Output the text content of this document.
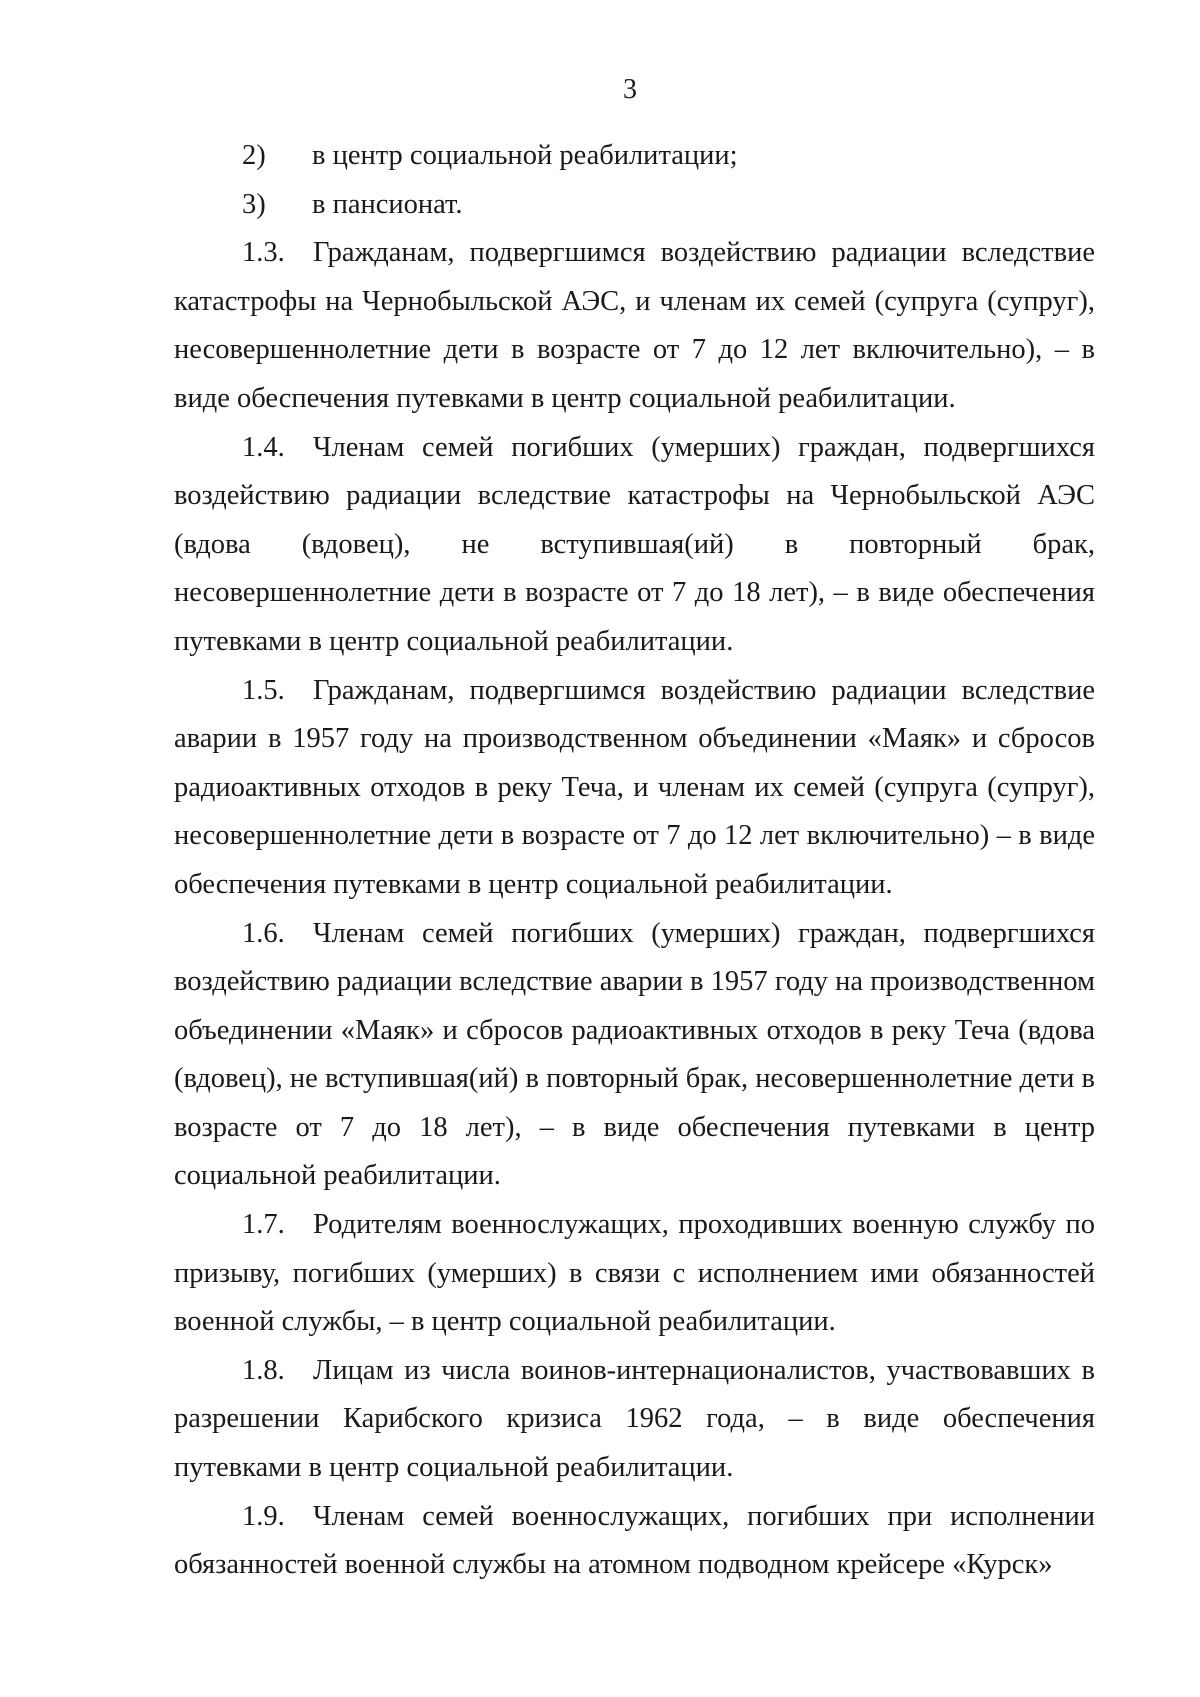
3

2) в центр социальной реабилитации;

3) в пансионат.

1.3. Гражданам, подвергшимся воздействию радиации вследствие катастрофы на Чернобыльской АЭС, и членам их семей (супруга (супруг), несовершеннолетние дети в возрасте от 7 до 12 лет включительно), – в виде обеспечения путевками в центр социальной реабилитации.

1.4. Членам семей погибших (умерших) граждан, подвергшихся воздействию радиации вследствие катастрофы на Чернобыльской АЭС (вдова (вдовец), не вступившая(ий) в повторный брак, несовершеннолетние дети в возрасте от 7 до 18 лет), – в виде обеспечения путевками в центр социальной реабилитации.

1.5. Гражданам, подвергшимся воздействию радиации вследствие аварии в 1957 году на производственном объединении «Маяк» и сбросов радиоактивных отходов в реку Теча, и членам их семей (супруга (супруг), несовершеннолетние дети в возрасте от 7 до 12 лет включительно) – в виде обеспечения путевками в центр социальной реабилитации.

1.6. Членам семей погибших (умерших) граждан, подвергшихся воздействию радиации вследствие аварии в 1957 году на производственном объединении «Маяк» и сбросов радиоактивных отходов в реку Теча (вдова (вдовец), не вступившая(ий) в повторный брак, несовершеннолетние дети в возрасте от 7 до 18 лет), – в виде обеспечения путевками в центр социальной реабилитации.

1.7. Родителям военнослужащих, проходивших военную службу по призыву, погибших (умерших) в связи с исполнением ими обязанностей военной службы, – в центр социальной реабилитации.

1.8. Лицам из числа воинов-интернационалистов, участвовавших в разрешении Карибского кризиса 1962 года, – в виде обеспечения путевками в центр социальной реабилитации.

1.9. Членам семей военнослужащих, погибших при исполнении обязанностей военной службы на атомном подводном крейсере «Курск»
